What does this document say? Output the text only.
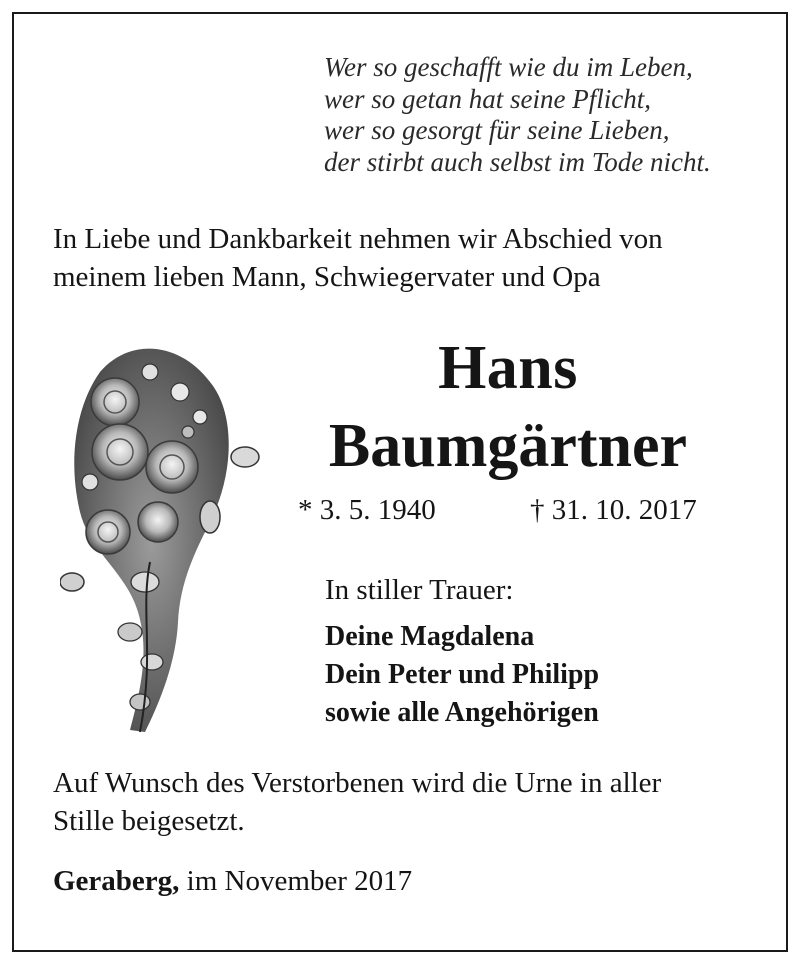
Wer so geschafft wie du im Leben,
wer so getan hat seine Pflicht,
wer so gesorgt für seine Lieben,
der stirbt auch selbst im Tode nicht.
In Liebe und Dankbarkeit nehmen wir Abschied von
meinem lieben Mann, Schwiegervater und Opa
Hans
Baumgärtner
* 3. 5. 1940	† 31. 10. 2017
In stiller Trauer:
Deine Magdalena
Dein Peter und Philipp
sowie alle Angehörigen
Auf Wunsch des Verstorbenen wird die Urne in aller
Stille beigesetzt.
Geraberg, im November 2017
